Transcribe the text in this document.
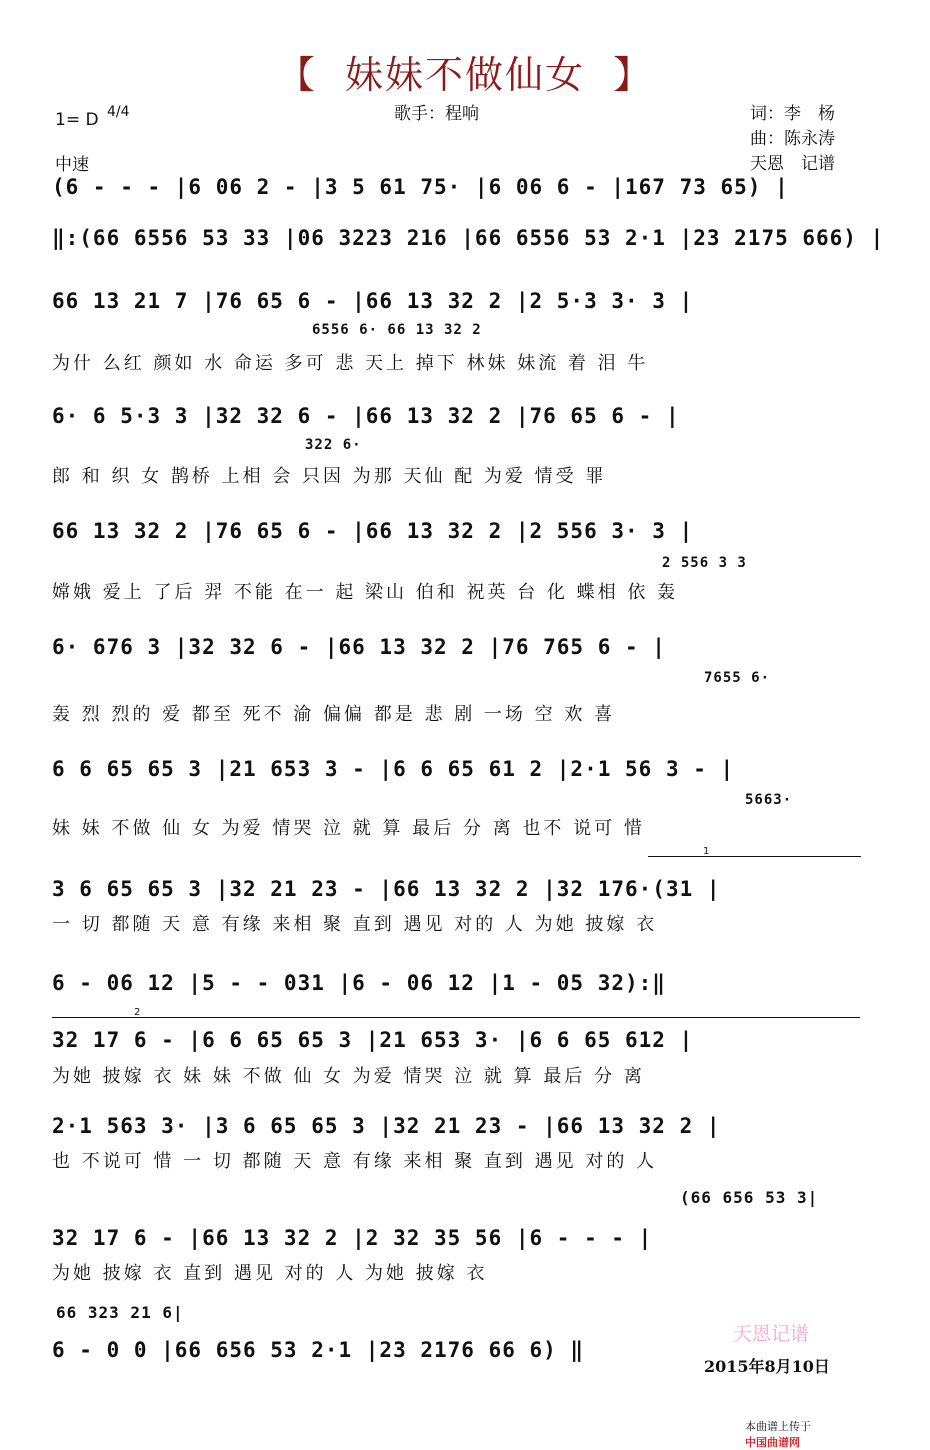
【  妹妹不做仙女  】
1= D 4/4
中速
歌手：程响	词：李　杨
曲：陈永涛
天恩　记谱
(6 - - - |6 06 2 - |3 5 61 75· |6 06 6 - |167 73 65) |
‖:(66 6556 53 33 |06 3223 216 |66 6556 53 2·1 |23 2175 666) |
66 13 21 7 |76 65 6 - |66 13 32 2 |2 5·3 3· 3 |
6556 6· 66 13 32 2
为什 么红 颜如 水 命运 多可 悲 天上 掉下 林妹 妹流 着 泪 牛
6· 6 5·3 3 |32 32 6 - |66 13 32 2 |76 65 6 - |
322 6·
郎 和 织 女 鹊桥 上相 会 只因 为那 天仙 配 为爱 情受 罪
66 13 32 2 |76 65 6 - |66 13 32 2 |2 556 3· 3 |
2 556 3 3
嫦娥 爱上 了后 羿 不能 在一 起 梁山 伯和 祝英 台 化 蝶相 依 轰
6· 676 3 |32 32 6 - |66 13 32 2 |76 765 6 - |
7655 6·
轰 烈 烈的 爱 都至 死不 渝 偏偏 都是 悲 剧 一场 空 欢 喜
6 6 65 65 3 |21 653 3 - |6 6 65 61 2 |2·1 56 3 - |
5663·
妹 妹 不做 仙 女 为爱 情哭 泣 就 算 最后 分 离 也不 说可 惜
1
3 6 65 65 3 |32 21 23 - |66 13 32 2 |32 176·(31 |
一 切 都随 天 意 有缘 来相 聚 直到 遇见 对的 人 为她 披嫁 衣
6 - 06 12 |5 - - 031 |6 - 06 12 |1 - 05 32):‖
2
32 17 6 - |6 6 65 65 3 |21 653 3· |6 6 65 612 |
为她 披嫁 衣 妹 妹 不做 仙 女 为爱 情哭 泣 就 算 最后 分 离
2·1 563 3· |3 6 65 65 3 |32 21 23 - |66 13 32 2 |
也 不说可 惜 一 切 都随 天 意 有缘 来相 聚 直到 遇见 对的 人
(66 656 53 3|
32 17 6 - |66 13 32 2 |2 32 35 56 |6 - - - |
为她 披嫁 衣 直到 遇见 对的 人 为她 披嫁 衣
66 323 21 6|
6 - 0 0 |66 656 53 2·1 |23 2176 66 6) ‖
天恩记谱
2015年8月10日

本曲谱上传于
中国曲谱网
